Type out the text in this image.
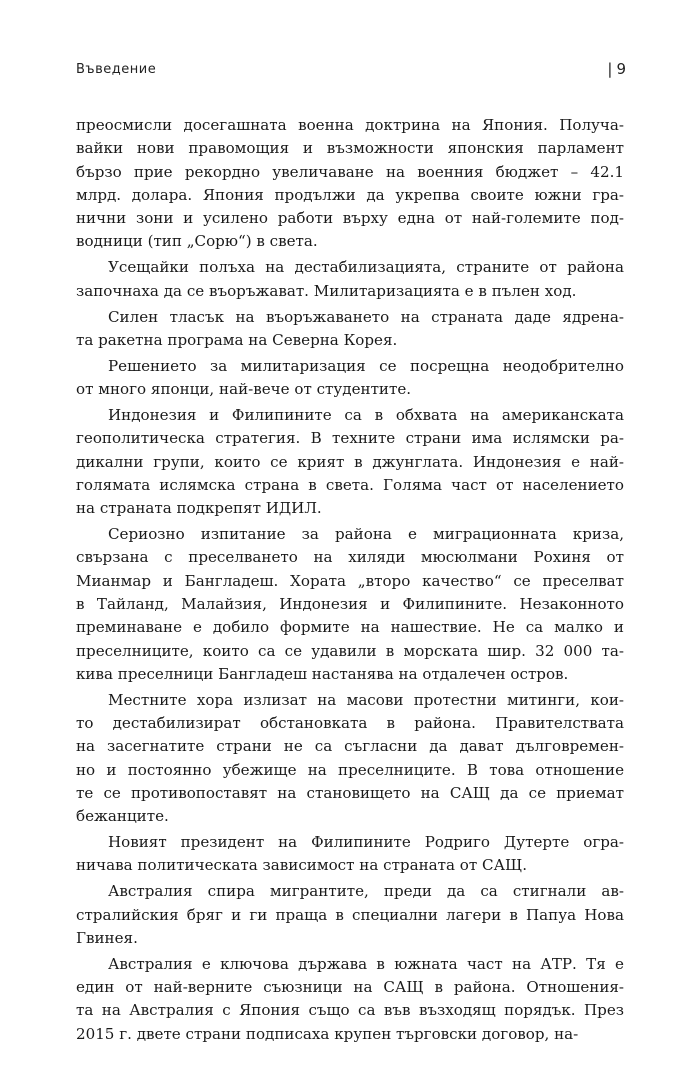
Въведение	| 9
преосмисли досегашната военна доктрина на Япония. Получа-
вайки нови правомощия и възможности японския парламент
бързо прие рекордно увеличаване на военния бюджет – 42.1
млрд. долара. Япония продължи да укрепва своите южни гра-
нични зони и усилено работи върху една от най-големите под-
водници (тип „Сорю“) в света.
Усещайки полъха на дестабилизацията, страните от района
започнаха да се въоръжават. Милитаризацията е в пълен ход.
Силен тласък на въоръжаването на страната даде ядрена-
та ракетна програма на Северна Корея.
Решението за милитаризация се посрещна неодобрително
от много японци, най-вече от студентите.
Индонезия и Филипините са в обхвата на американската
геополитическа стратегия. В техните страни има ислямски ра-
дикални групи, които се крият в джунглата. Индонезия е най-
голямата ислямска страна в света. Голяма част от населението
на страната подкрепят ИДИЛ.
Сериозно изпитание за района е миграционната криза,
свързана с преселването на хиляди мюсюлмани Рохиня от
Мианмар и Бангладеш. Хората „второ качество“ се преселват
в Тайланд, Малайзия, Индонезия и Филипините. Незаконното
преминаване е добило формите на нашествие. Не са малко и
преселниците, които са се удавили в морската шир. 32 000 та-
кива преселници Бангладеш настанява на отдалечен остров.
Местните хора излизат на масови протестни митинги, кои-
то дестабилизират обстановката в района. Правителствата
на засегнатите страни не са съгласни да дават дълговремен-
но и постоянно убежище на преселниците. В това отношение
те се противопоставят на становището на САЩ да се приемат
бежанците.
Новият президент на Филипините Родриго Дутерте огра-
ничава политическата зависимост на страната от САЩ.
Австралия спира мигрантите, преди да са стигнали ав-
стралийския бряг и ги праща в специални лагери в Папуа Нова
Гвинея.
Австралия е ключова държава в южната част на АТР. Тя е
един от най-верните съюзници на САЩ в района. Отношения-
та на Австралия с Япония също са във възходящ порядък. През
2015 г. двете страни подписаха крупен търговски договор, на-
